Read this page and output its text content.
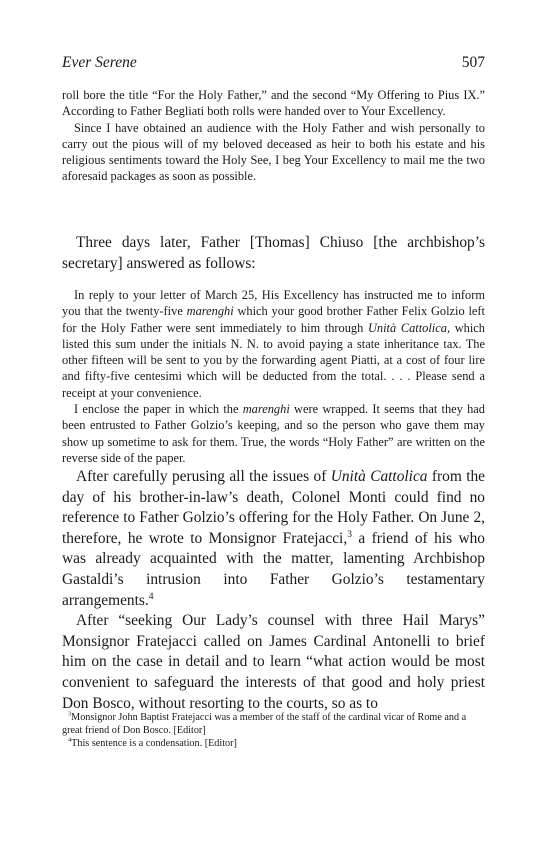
Ever Serene	507

roll bore the title “For the Holy Father,” and the second “My Offering to Pius IX.” According to Father Begliati both rolls were handed over to Your Excellency.

Since I have obtained an audience with the Holy Father and wish personally to carry out the pious will of my beloved deceased as heir to both his estate and his religious sentiments toward the Holy See, I beg Your Excellency to mail me the two aforesaid packages as soon as possible.

Three days later, Father [Thomas] Chiuso [the archbishop’s secretary] answered as follows:

In reply to your letter of March 25, His Excellency has instructed me to inform you that the twenty-five marenghi which your good brother Father Felix Golzio left for the Holy Father were sent immediately to him through Unità Cattolica, which listed this sum under the initials N. N. to avoid paying a state inheritance tax. The other fifteen will be sent to you by the forwarding agent Piatti, at a cost of four lire and fifty-five centesimi which will be deducted from the total. . . . Please send a receipt at your convenience.

I enclose the paper in which the marenghi were wrapped. It seems that they had been entrusted to Father Golzio’s keeping, and so the person who gave them may show up sometime to ask for them. True, the words “Holy Father” are written on the reverse side of the paper.

After carefully perusing all the issues of Unità Cattolica from the day of his brother-in-law’s death, Colonel Monti could find no reference to Father Golzio’s offering for the Holy Father. On June 2, therefore, he wrote to Monsignor Fratejacci,$^3$ a friend of his who was already acquainted with the matter, lamenting Archbishop Gastaldi’s intrusion into Father Golzio’s testamentary arrangements.$^4$

After “seeking Our Lady’s counsel with three Hail Marys” Monsignor Fratejacci called on James Cardinal Antonelli to brief him on the case in detail and to learn “what action would be most convenient to safeguard the interests of that good and holy priest Don Bosco, without resorting to the courts, so as to

$^3$Monsignor John Baptist Fratejacci was a member of the staff of the cardinal vicar of Rome and a great friend of Don Bosco. [Editor]

$^4$This sentence is a condensation. [Editor]
